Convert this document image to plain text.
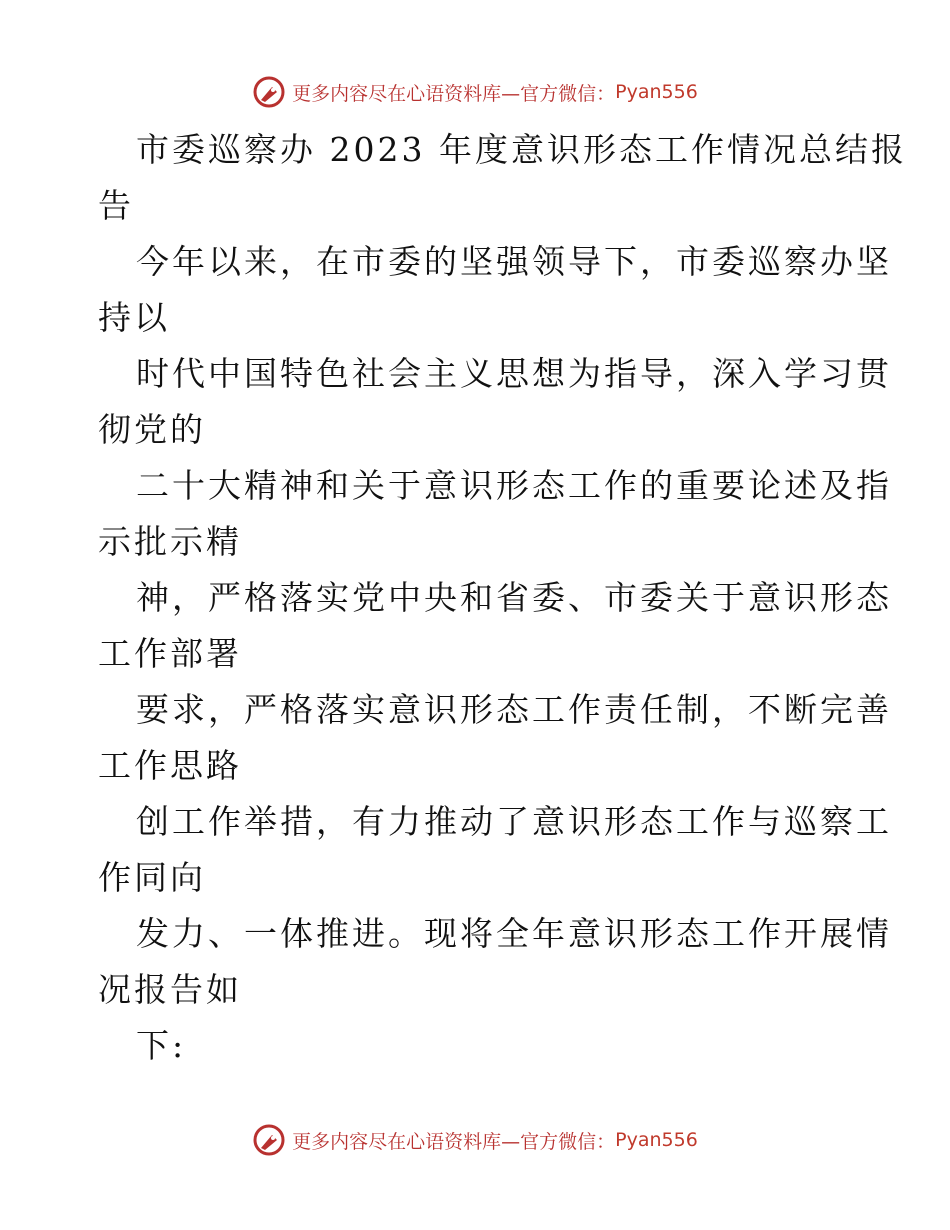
更多内容尽在心语资料库—官方微信： Pyan556

市委巡察办 2023 年度意识形态工作情况总结报
告

今年以来，在市委的坚强领导下，市委巡察办坚
持以

时代中国特色社会主义思想为指导，深入学习贯
彻党的

二十大精神和关于意识形态工作的重要论述及指
示批示精

神，严格落实党中央和省委、市委关于意识形态
工作部署

要求，严格落实意识形态工作责任制，不断完善
工作思路

创工作举措，有力推动了意识形态工作与巡察工
作同向

发力、一体推进。现将全年意识形态工作开展情
况报告如

下:

更多内容尽在心语资料库—官方微信： Pyan556
